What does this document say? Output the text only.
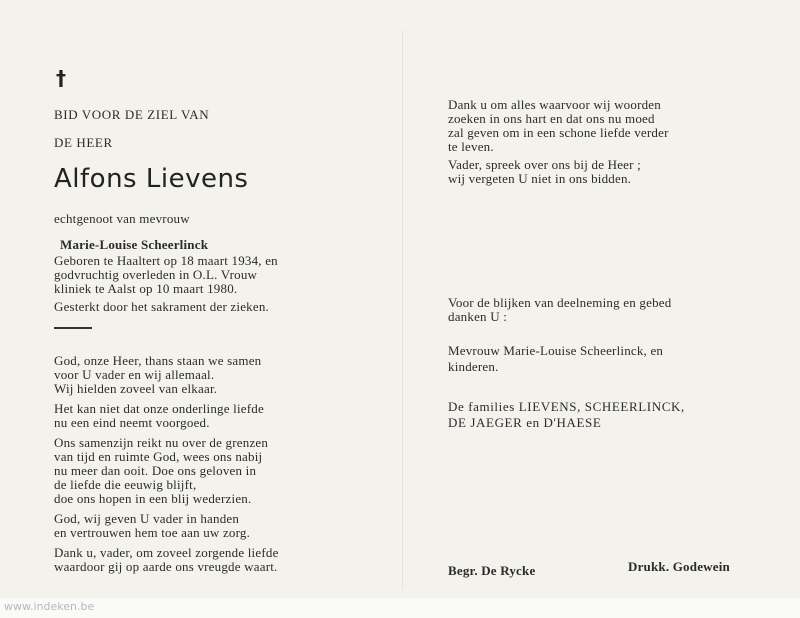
†
BID VOOR DE ZIEL VAN
DE HEER
Alfons Lievens
echtgenoot van mevrouw
Marie-Louise Scheerlinck
Geboren te Haaltert op 18 maart 1934, en
godvruchtig overleden in O.L. Vrouw
kliniek te Aalst op 10 maart 1980.
Gesterkt door het sakrament der zieken.
God, onze Heer, thans staan we samen
voor U vader en wij allemaal.
Wij hielden zoveel van elkaar.
Het kan niet dat onze onderlinge liefde
nu een eind neemt voorgoed.
Ons samenzijn reikt nu over de grenzen
van tijd en ruimte God, wees ons nabij
nu meer dan ooit. Doe ons geloven in
de liefde die eeuwig blijft,
doe ons hopen in een blij wederzien.
God, wij geven U vader in handen
en vertrouwen hem toe aan uw zorg.
Dank u, vader, om zoveel zorgende liefde
waardoor gij op aarde ons vreugde waart.
Dank u om alles waarvoor wij woorden
zoeken in ons hart en dat ons nu moed
zal geven om in een schone liefde verder
te leven.
Vader, spreek over ons bij de Heer ;
wij vergeten U niet in ons bidden.
Voor de blijken van deelneming en gebed
danken U :
Mevrouw Marie-Louise Scheerlinck, en
kinderen.
De families LIEVENS, SCHEERLINCK,
DE JAEGER en D'HAESE
Begr. De Rycke	Drukk. Godewein
www.indeken.be
